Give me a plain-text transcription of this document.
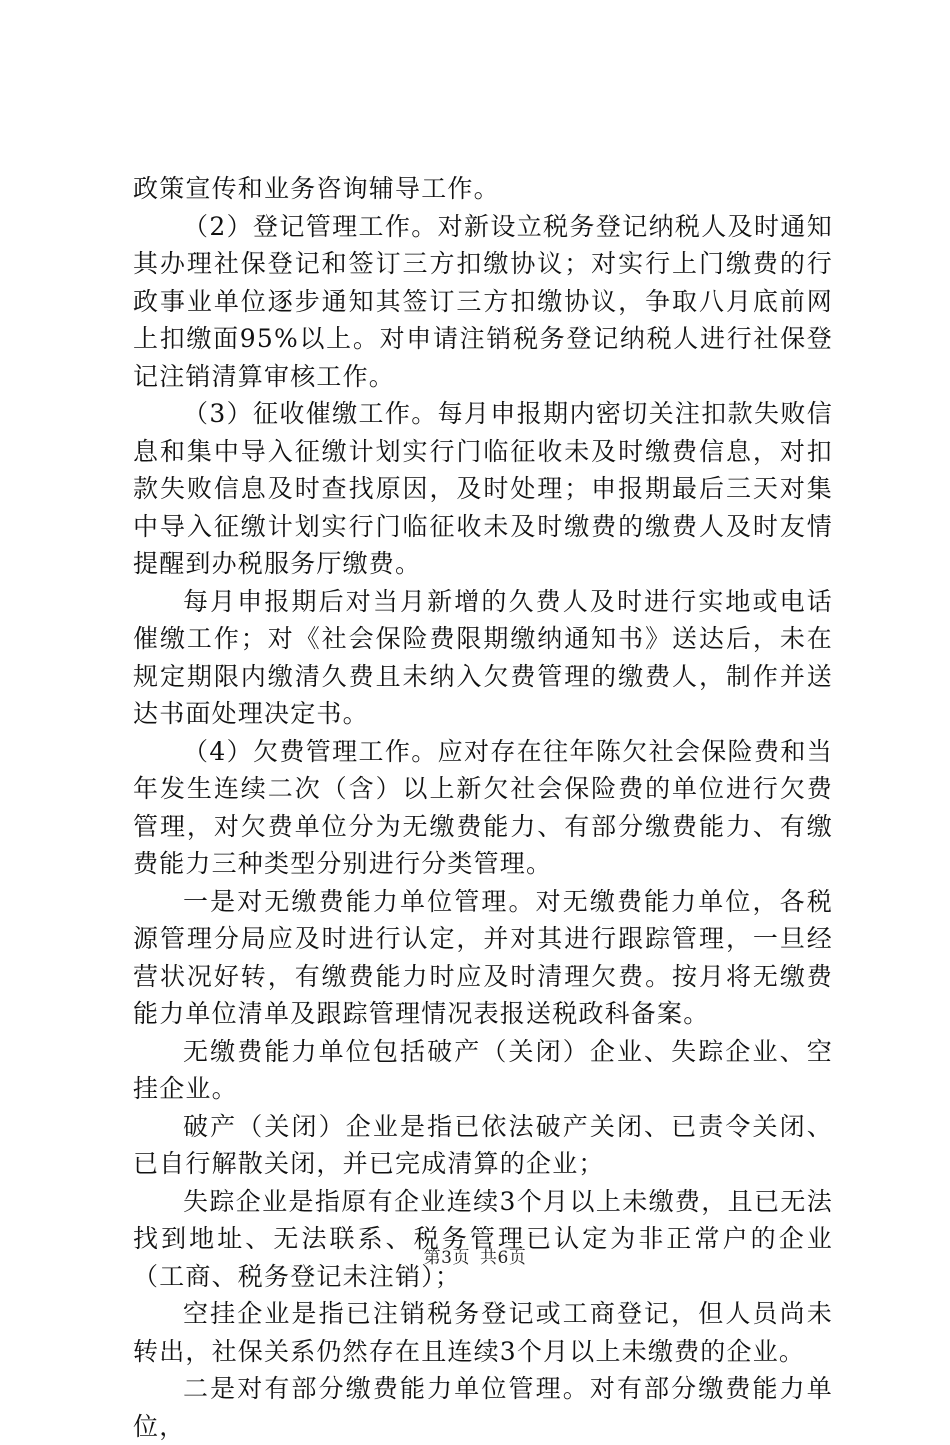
政策宣传和业务咨询辅导工作。

（2）登记管理工作。对新设立税务登记纳税人及时通知其办理社保登记和签订三方扣缴协议；对实行上门缴费的行政事业单位逐步通知其签订三方扣缴协议，争取八月底前网上扣缴面95%以上。对申请注销税务登记纳税人进行社保登记注销清算审核工作。

（3）征收催缴工作。每月申报期内密切关注扣款失败信息和集中导入征缴计划实行门临征收未及时缴费信息，对扣款失败信息及时查找原因，及时处理；申报期最后三天对集中导入征缴计划实行门临征收未及时缴费的缴费人及时友情提醒到办税服务厅缴费。

每月申报期后对当月新增的久费人及时进行实地或电话催缴工作；对《社会保险费限期缴纳通知书》送达后，未在规定期限内缴清久费且未纳入欠费管理的缴费人，制作并送达书面处理决定书。

（4）欠费管理工作。应对存在往年陈欠社会保险费和当年发生连续二次（含）以上新欠社会保险费的单位进行欠费管理，对欠费单位分为无缴费能力、有部分缴费能力、有缴费能力三种类型分别进行分类管理。

一是对无缴费能力单位管理。对无缴费能力单位，各税源管理分局应及时进行认定，并对其进行跟踪管理，一旦经营状况好转，有缴费能力时应及时清理欠费。按月将无缴费能力单位清单及跟踪管理情况表报送税政科备案。

无缴费能力单位包括破产（关闭）企业、失踪企业、空挂企业。

破产（关闭）企业是指已依法破产关闭、已责令关闭、已自行解散关闭，并已完成清算的企业；

失踪企业是指原有企业连续3个月以上未缴费，且已无法找到地址、无法联系、税务管理已认定为非正常户的企业（工商、税务登记未注销）；

空挂企业是指已注销税务登记或工商登记，但人员尚未转出，社保关系仍然存在且连续3个月以上未缴费的企业。

二是对有部分缴费能力单位管理。对有部分缴费能力单位，

第3页 共6页
